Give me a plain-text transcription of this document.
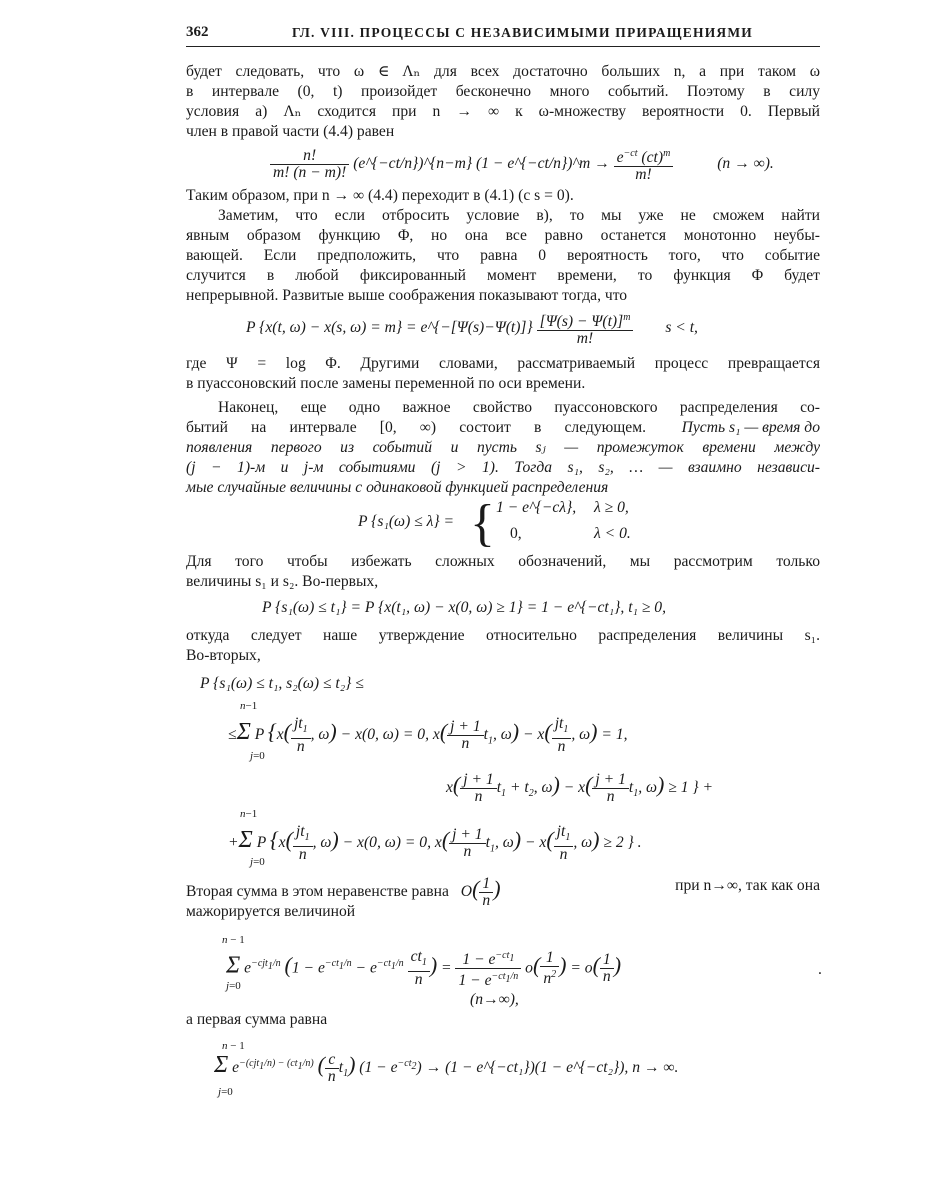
362	ГЛ. VIII. ПРОЦЕССЫ С НЕЗАВИСИМЫМИ ПРИРАЩЕНИЯМИ
будет следовать, что ω ∈ Λₙ для всех достаточно больших n, а при таком ω
в интервале (0, t) произойдет бесконечно много событий. Поэтому в силу
условия а) Λₙ сходится при n → ∞ к ω-множеству вероятности 0. Первый
член в правой части (4.4) равен
$\frac{n!}{m! (n - m)!}$ (e^{−ct/n})^{n−m} (1 − e^{−ct/n})^m → $\frac{e^{-ct} (ct)^m}{m!}$	(n → ∞).
Таким образом, при n → ∞ (4.4) переходит в (4.1) (с s = 0).
Заметим, что если отбросить условие в), то мы уже не сможем найти
явным образом функцию Φ, но она все равно останется монотонно неубы-
вающей. Если предположить, что равна 0 вероятность того, что событие
случится в любой фиксированный момент времени, то функция Φ будет
непрерывной. Развитые выше соображения показывают тогда, что
P {x(t, ω) − x(s, ω) = m} = e^{−[Ψ(s)−Ψ(t)]} $\frac{[\Psi(s) - \Psi(t)]^m}{m!}$ s < t,
где Ψ = log Φ. Другими словами, рассматриваемый процесс превращается
в пуассоновский после замены переменной по оси времени.
Наконец, еще одно важное свойство пуассоновского распределения со-
бытий на интервале [0, ∞) состоит в следующем.	Пусть s₁ — время до
появления первого из событий и пусть sⱼ — промежуток времени между
(j − 1)-м и j-м событиями (j > 1). Тогда s₁, s₂, … — взаимно независи-
мые случайные величины с одинаковой функцией распределения
P {s₁(ω) ≤ λ} = { 1 − e^{−cλ}, λ ≥ 0,
0,	λ < 0.
Для того чтобы избежать сложных обозначений, мы рассмотрим только
величины s₁ и s₂. Во-первых,
P {s₁(ω) ≤ t₁} = P {x(t₁, ω) − x(0, ω) ≥ 1} = 1 − e^{−ct₁}, t₁ ≥ 0,
откуда следует наше утверждение относительно распределения величины s₁.
Во-вторых,
P {s₁(ω) ≤ t₁, s₂(ω) ≤ t₂} ≤
n−1
≤Σ P {$x( \frac{jt_1}{n}$ , ω) − x(0, ω) = 0, $x( \frac{j + 1}{n} t_1$, $\omega) - x( \frac{jt_1}{n}$ , ω) = 1,
j=0
$x( \frac{j + 1}{n} t_1 + t_2$, $\omega) - x( \frac{j + 1}{n} t_1$, ω) ≥ 1 } +
n−1
+Σ P {$x( \frac{jt_1}{n}$ , ω) − x(0, ω) = 0, $x( \frac{j + 1}{n} t_1$, $\omega) - x( \frac{jt_1}{n}$ , ω) ≥ 2 } .
j=0
Вторая сумма в этом неравенстве равна $O( \frac{1}{n}$ )	при n→∞, так как она
мажорируется величиной
n − 1
Σ $e^{-cjt_1/n}$ ($1 - e^{-ct_1/n} - e^{-ct_1/n} \frac{ct_1}{n}$ ) = $\frac{1 - e^{-ct_1}}{1 - e^{-ct_1/n}} o( \frac{1}{n^2}$ ) = $o( \frac{1}{n}$ )	.
j=0
(n→∞),
а первая сумма равна
n − 1
Σ $e^{-(cjt_1/n) - (ct_1/n)}$ ( $\frac{c}{n} t_1$) $(1 - e^{-ct_2}) \to (1$ − e^{−ct₁})(1 − e^{−ct₂}), n → ∞.
j=0
